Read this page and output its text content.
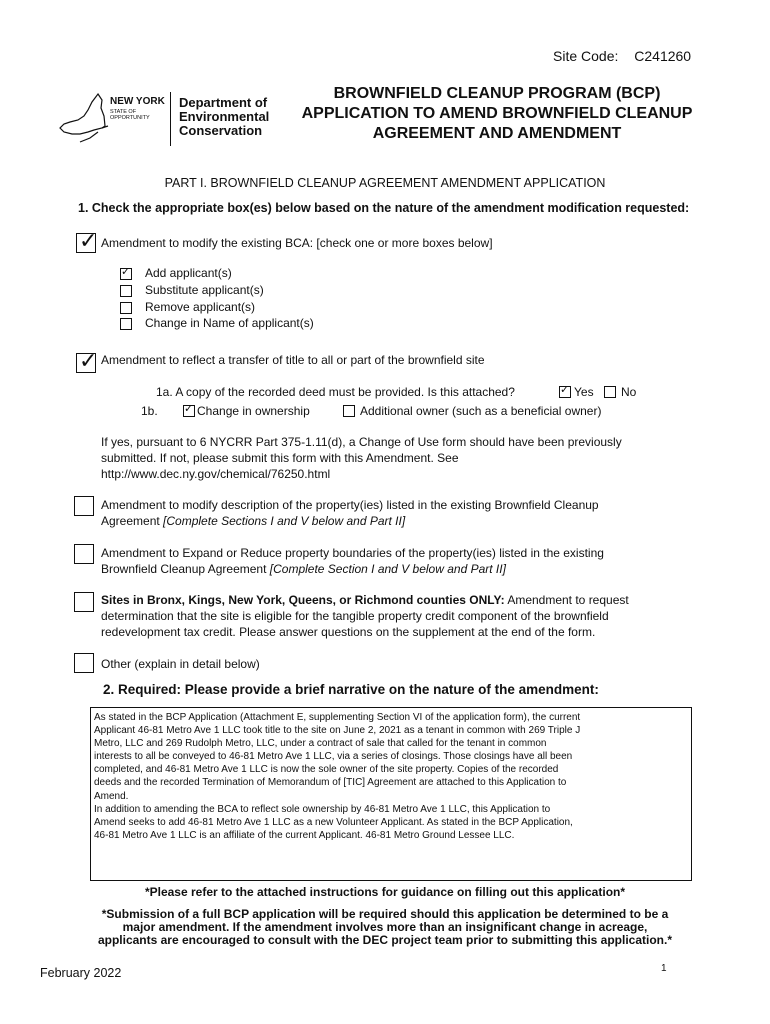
Site Code: C241260
NEW YORK
STATE OF
OPPORTUNITY
Department of
Environmental
Conservation
BROWNFIELD CLEANUP PROGRAM (BCP)
APPLICATION TO AMEND BROWNFIELD CLEANUP
AGREEMENT AND AMENDMENT
PART I. BROWNFIELD CLEANUP AGREEMENT AMENDMENT APPLICATION
1. Check the appropriate box(es) below based on the nature of the amendment modification requested:
✓ Amendment to modify the existing BCA: [check one or more boxes below]
✓ Add applicant(s)
Substitute applicant(s)
Remove applicant(s)
Change in Name of applicant(s)
✓ Amendment to reflect a transfer of title to all or part of the brownfield site
1a. A copy of the recorded deed must be provided. Is this attached?	✓ Yes No
1b. ✓ Change in ownership	Additional owner (such as a beneficial owner)
If yes, pursuant to 6 NYCRR Part 375-1.11(d), a Change of Use form should have been previously
submitted. If not, please submit this form with this Amendment. See
http://www.dec.ny.gov/chemical/76250.html
Amendment to modify description of the property(ies) listed in the existing Brownfield Cleanup
Agreement [Complete Sections I and V below and Part II]
Amendment to Expand or Reduce property boundaries of the property(ies) listed in the existing
Brownfield Cleanup Agreement [Complete Section I and V below and Part II]
Sites in Bronx, Kings, New York, Queens, or Richmond counties ONLY: Amendment to request
determination that the site is eligible for the tangible property credit component of the brownfield
redevelopment tax credit. Please answer questions on the supplement at the end of the form.
Other (explain in detail below)
2. Required: Please provide a brief narrative on the nature of the amendment:
As stated in the BCP Application (Attachment E, supplementing Section VI of the application form), the current
Applicant 46-81 Metro Ave 1 LLC took title to the site on June 2, 2021 as a tenant in common with 269 Triple J
Metro, LLC and 269 Rudolph Metro, LLC, under a contract of sale that called for the tenant in common
interests to all be conveyed to 46-81 Metro Ave 1 LLC, via a series of closings. Those closings have all been
completed, and 46-81 Metro Ave 1 LLC is now the sole owner of the site property. Copies of the recorded
deeds and the recorded Termination of Memorandum of [TIC] Agreement are attached to this Application to
Amend.
In addition to amending the BCA to reflect sole ownership by 46-81 Metro Ave 1 LLC, this Application to
Amend seeks to add 46-81 Metro Ave 1 LLC as a new Volunteer Applicant. As stated in the BCP Application,
46-81 Metro Ave 1 LLC is an affiliate of the current Applicant. 46-81 Metro Ground Lessee LLC.
*Please refer to the attached instructions for guidance on filling out this application*
*Submission of a full BCP application will be required should this application be determined to be a
major amendment. If the amendment involves more than an insignificant change in acreage,
applicants are encouraged to consult with the DEC project team prior to submitting this application.*
February 2022	1
